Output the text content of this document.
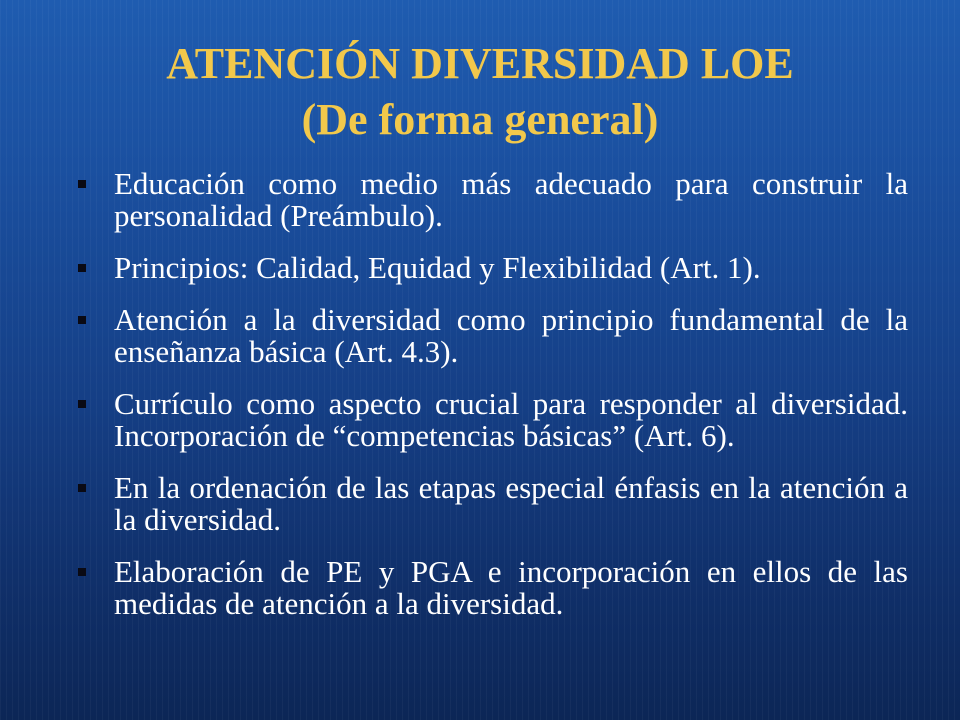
ATENCIÓN DIVERSIDAD LOE
(De forma general)
Educación como medio más adecuado para construir la personalidad (Preámbulo).
Principios: Calidad, Equidad y Flexibilidad (Art. 1).
Atención a la diversidad como principio fundamental de la enseñanza básica (Art. 4.3).
Currículo como aspecto crucial para responder al diversidad. Incorporación de “competencias básicas” (Art. 6).
En la ordenación de las etapas especial énfasis en la atención a la diversidad.
Elaboración de PE y PGA e incorporación en ellos de las medidas de atención a la diversidad.
